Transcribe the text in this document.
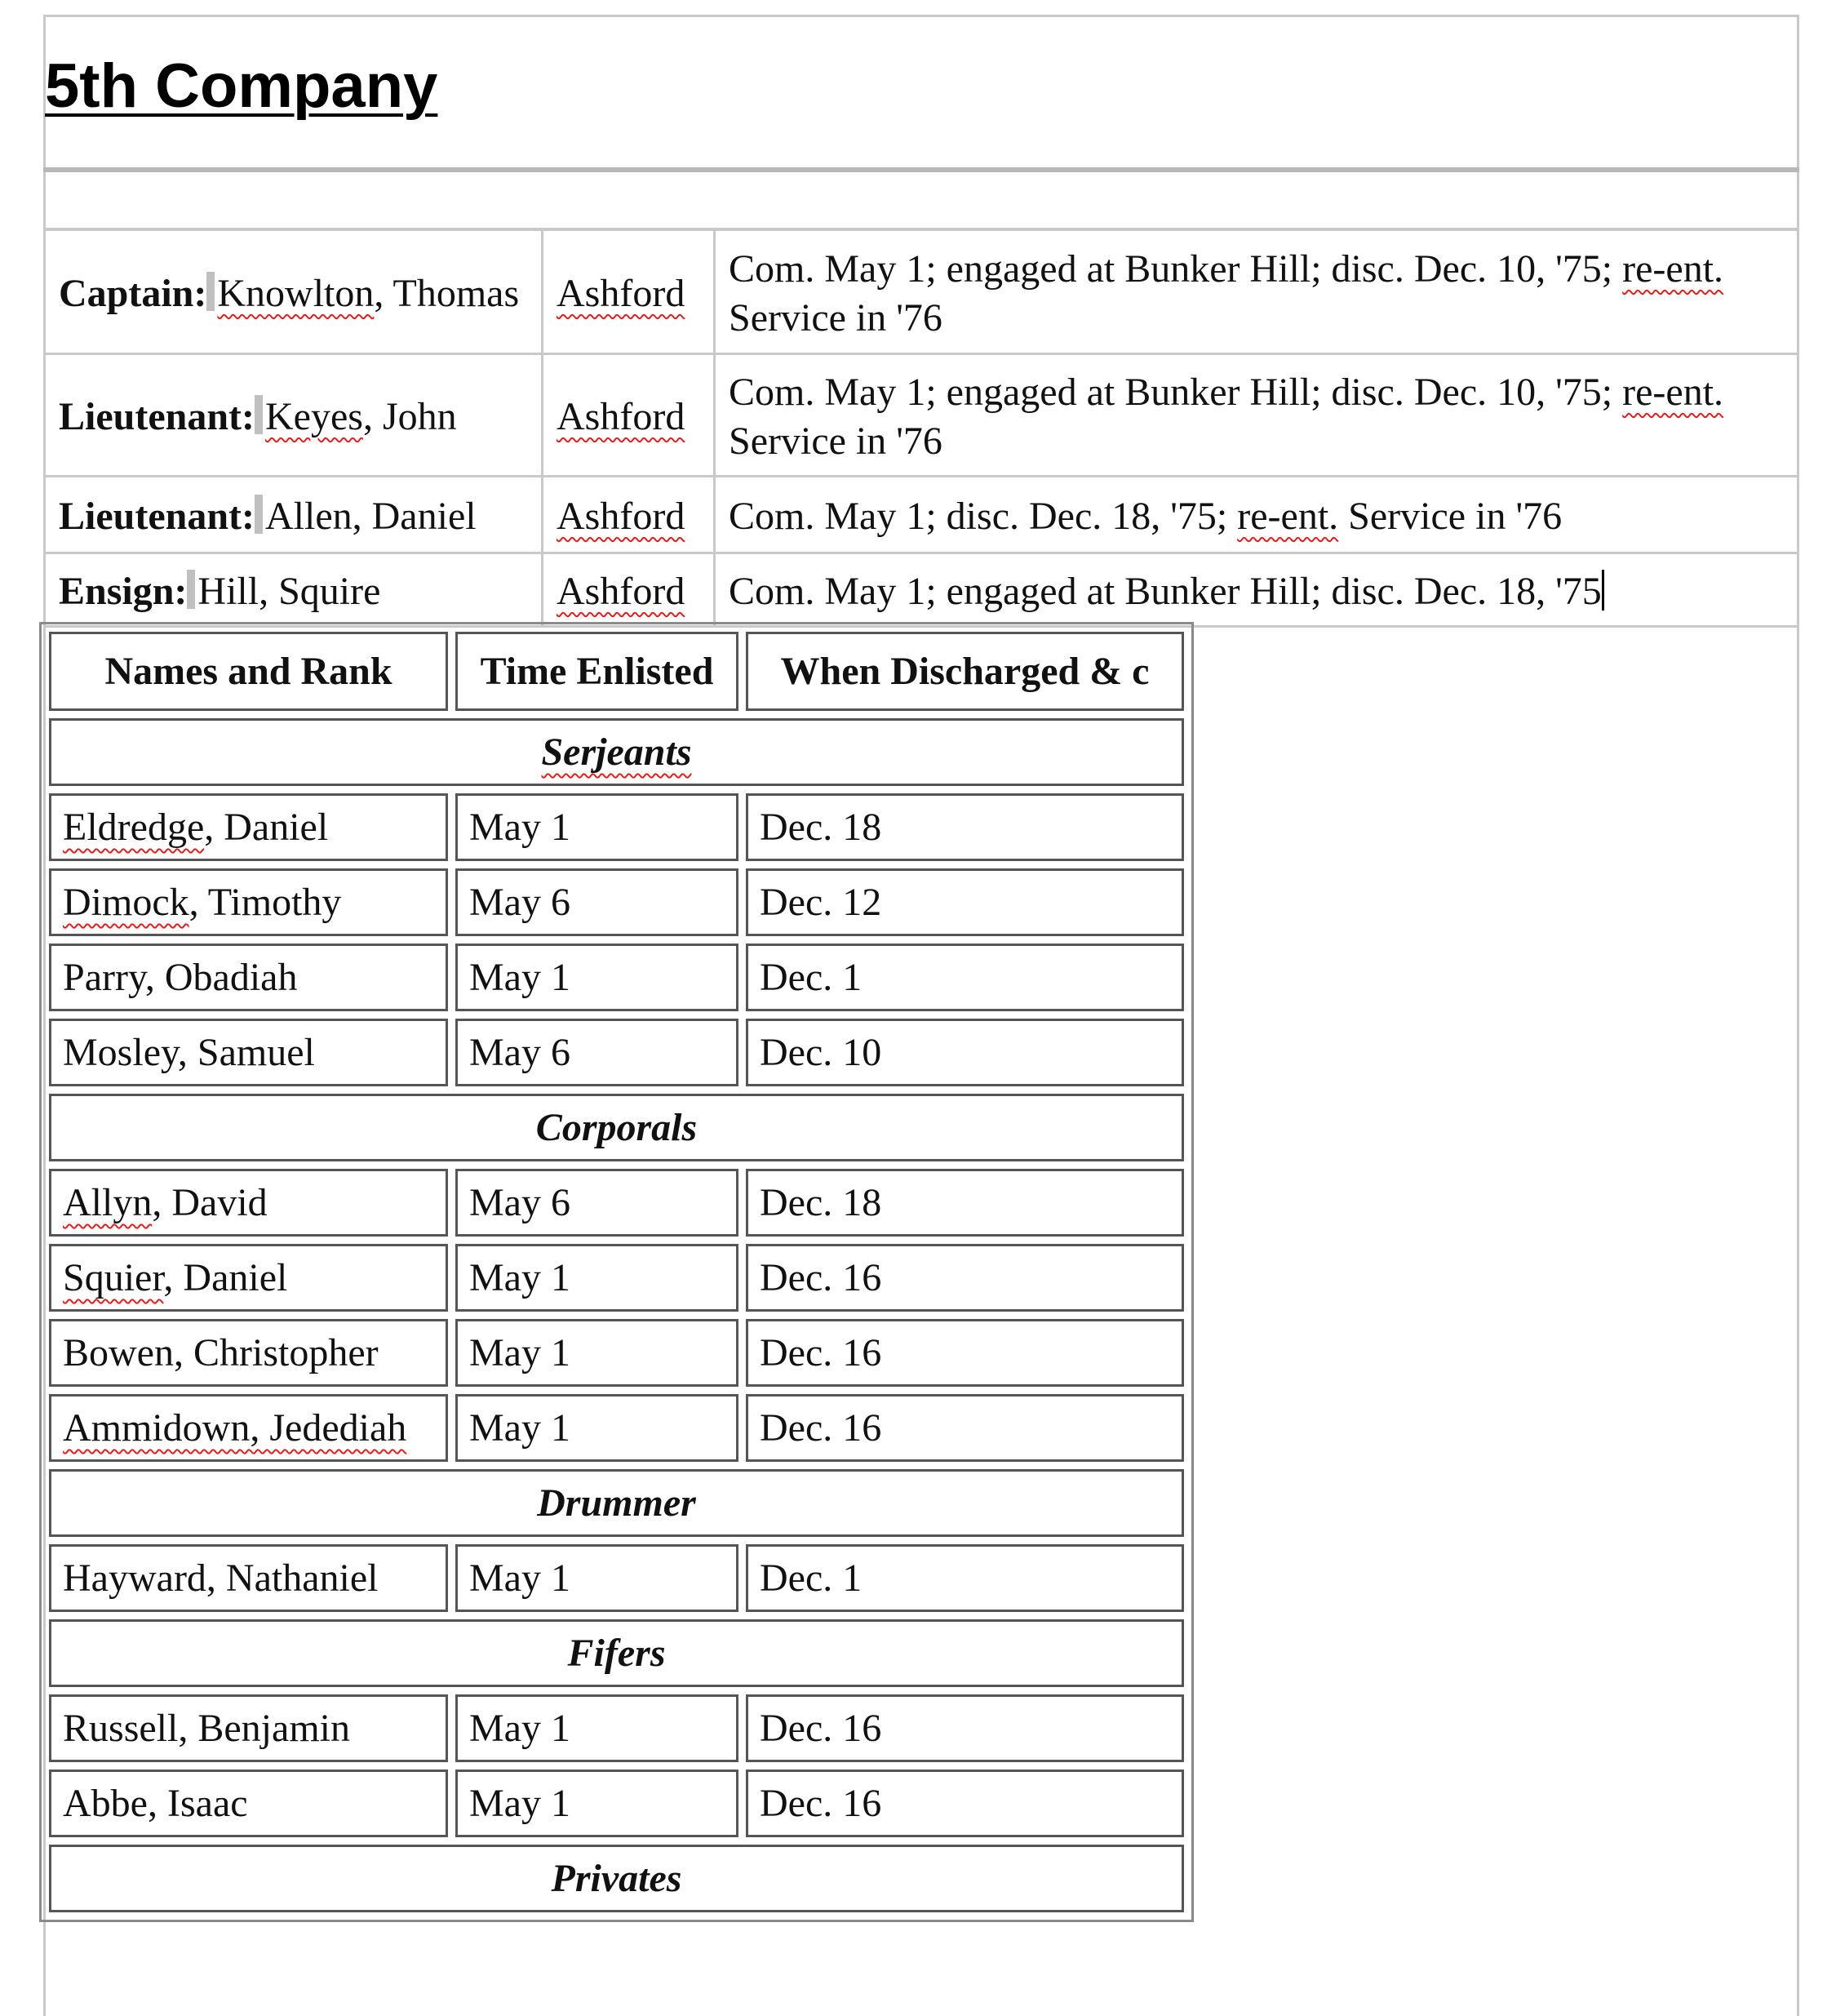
5th Company
Captain: Knowlton, Thomas	Ashford	Com. May 1; engaged at Bunker Hill; disc. Dec. 10, '75; re-ent. Service in '76
Lieutenant: Keyes, John	Ashford	Com. May 1; engaged at Bunker Hill; disc. Dec. 10, '75; re-ent. Service in '76
Lieutenant: Allen, Daniel	Ashford	Com. May 1; disc. Dec. 18, '75; re-ent. Service in '76
Ensign: Hill, Squire	Ashford	Com. May 1; engaged at Bunker Hill; disc. Dec. 18, '75
Names and Rank	Time Enlisted	When Discharged & c
Serjeants		
Eldredge, Daniel	May 1	Dec. 18
Dimock, Timothy	May 6	Dec. 12
Parry, Obadiah	May 1	Dec. 1
Mosley, Samuel	May 6	Dec. 10
Corporals		
Allyn, David	May 6	Dec. 18
Squier, Daniel	May 1	Dec. 16
Bowen, Christopher	May 1	Dec. 16
Ammidown, Jedediah	May 1	Dec. 16
Drummer		
Hayward, Nathaniel	May 1	Dec. 1
Fifers		
Russell, Benjamin	May 1	Dec. 16
Abbe, Isaac	May 1	Dec. 16
Privates		
